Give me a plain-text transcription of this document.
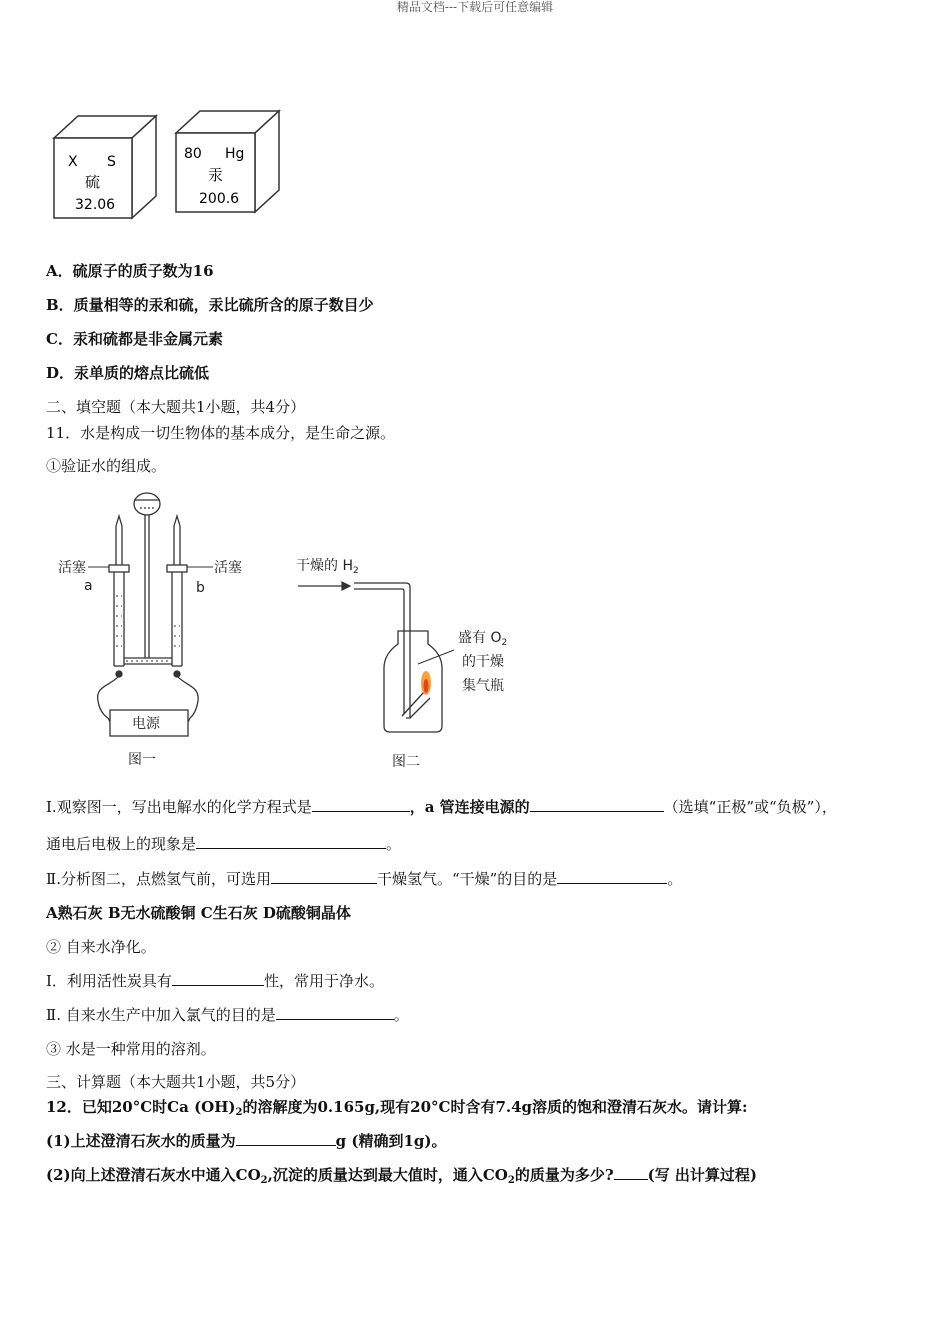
精品文档---下载后可任意编辑
X S
硫
32.06
80 Hg
汞
200.6
A．硫原子的质子数为16
B．质量相等的汞和硫，汞比硫所含的原子数目少
C．汞和硫都是非金属元素
D．汞单质的熔点比硫低
二、填空题（本大题共1小题，共4分）
11．水是构成一切生物体的基本成分，是生命之源。
①验证水的组成。
电源
活塞
a
活塞
b
图一
干燥的 $H_2$
盛有 $O_2$
的干燥
集气瓶
图二
Ⅰ.观察图一，写出电解水的化学方程式是	，a 管连接电源的	（选填“正极”或“负极”），
通电后电极上的现象是	。
Ⅱ.分析图二，点燃氢气前，可选用	干燥氢气。“干燥”的目的是	。
A熟石灰 B无水硫酸铜 C生石灰 D硫酸铜晶体
② 自来水净化。
Ⅰ．利用活性炭具有	性，常用于净水。
Ⅱ. 自来水生产中加入氯气的目的是	。
③ 水是一种常用的溶剂。
三、计算题（本大题共1小题，共5分）
12．已知20°C时Ca $(OH)_2$的溶解度为0.165g,现有20°C时含有7.4g溶质的饱和澄清石灰水。请计算:
(1)上述澄清石灰水的质量为	g (精确到1g)。
(2)向上述澄清石灰水中通入$CO_2$,沉淀的质量达到最大值时，通入$CO_2$的质量为多少? (写 出计算过程)
